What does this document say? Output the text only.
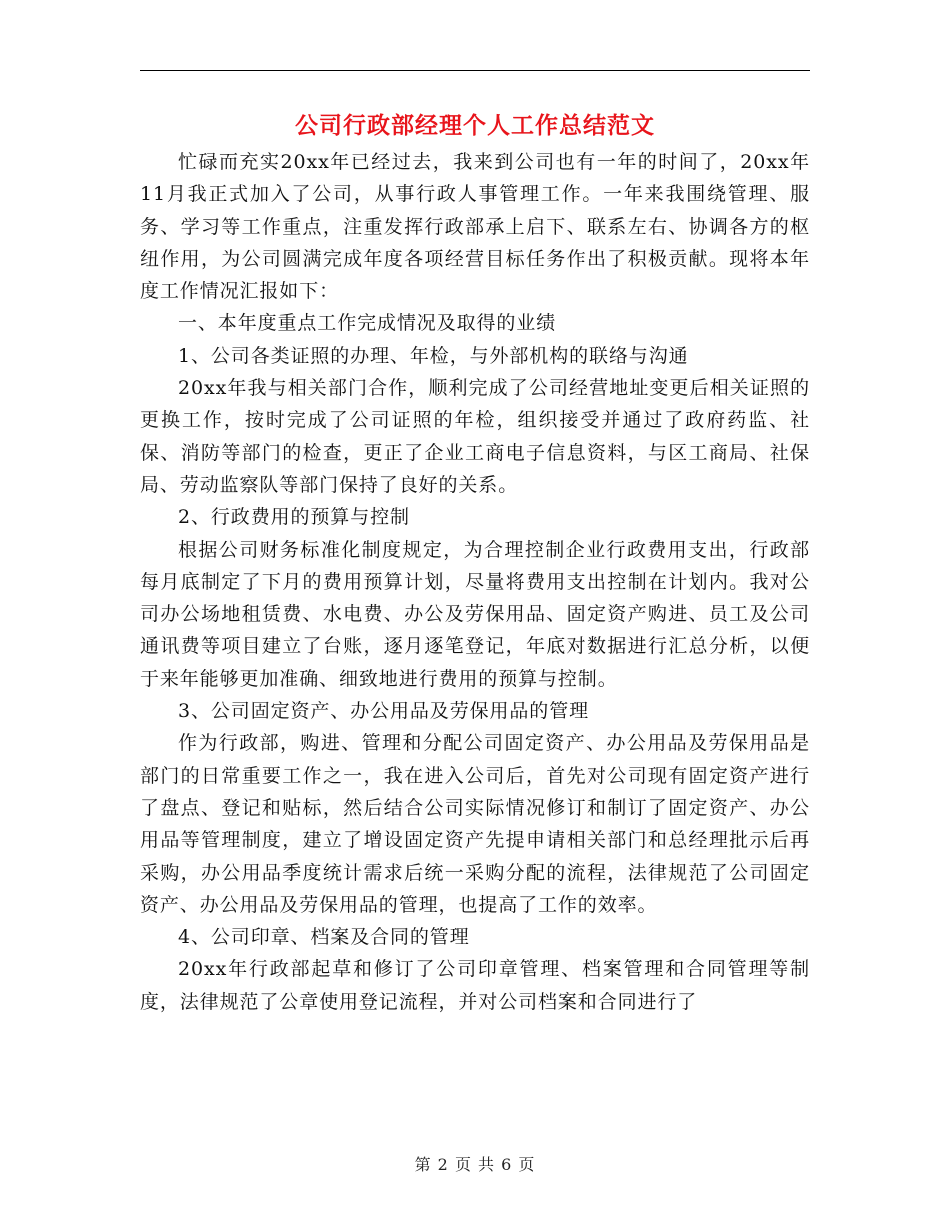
公司行政部经理个人工作总结范文

忙碌而充实20xx年已经过去，我来到公司也有一年的时间了，20xx年11月我正式加入了公司，从事行政人事管理工作。一年来我围绕管理、服务、学习等工作重点，注重发挥行政部承上启下、联系左右、协调各方的枢纽作用，为公司圆满完成年度各项经营目标任务作出了积极贡献。现将本年度工作情况汇报如下：

一、本年度重点工作完成情况及取得的业绩

1、公司各类证照的办理、年检，与外部机构的联络与沟通

20xx年我与相关部门合作，顺利完成了公司经营地址变更后相关证照的更换工作，按时完成了公司证照的年检，组织接受并通过了政府药监、社保、消防等部门的检查，更正了企业工商电子信息资料，与区工商局、社保局、劳动监察队等部门保持了良好的关系。

2、行政费用的预算与控制

根据公司财务标准化制度规定，为合理控制企业行政费用支出，行政部每月底制定了下月的费用预算计划，尽量将费用支出控制在计划内。我对公司办公场地租赁费、水电费、办公及劳保用品、固定资产购进、员工及公司通讯费等项目建立了台账，逐月逐笔登记，年底对数据进行汇总分析，以便于来年能够更加准确、细致地进行费用的预算与控制。

3、公司固定资产、办公用品及劳保用品的管理

作为行政部，购进、管理和分配公司固定资产、办公用品及劳保用品是部门的日常重要工作之一，我在进入公司后，首先对公司现有固定资产进行了盘点、登记和贴标，然后结合公司实际情况修订和制订了固定资产、办公用品等管理制度，建立了增设固定资产先提申请相关部门和总经理批示后再采购，办公用品季度统计需求后统一采购分配的流程，法律规范了公司固定资产、办公用品及劳保用品的管理，也提高了工作的效率。

4、公司印章、档案及合同的管理

20xx年行政部起草和修订了公司印章管理、档案管理和合同管理等制度，法律规范了公章使用登记流程，并对公司档案和合同进行了

第 2 页 共 6 页
